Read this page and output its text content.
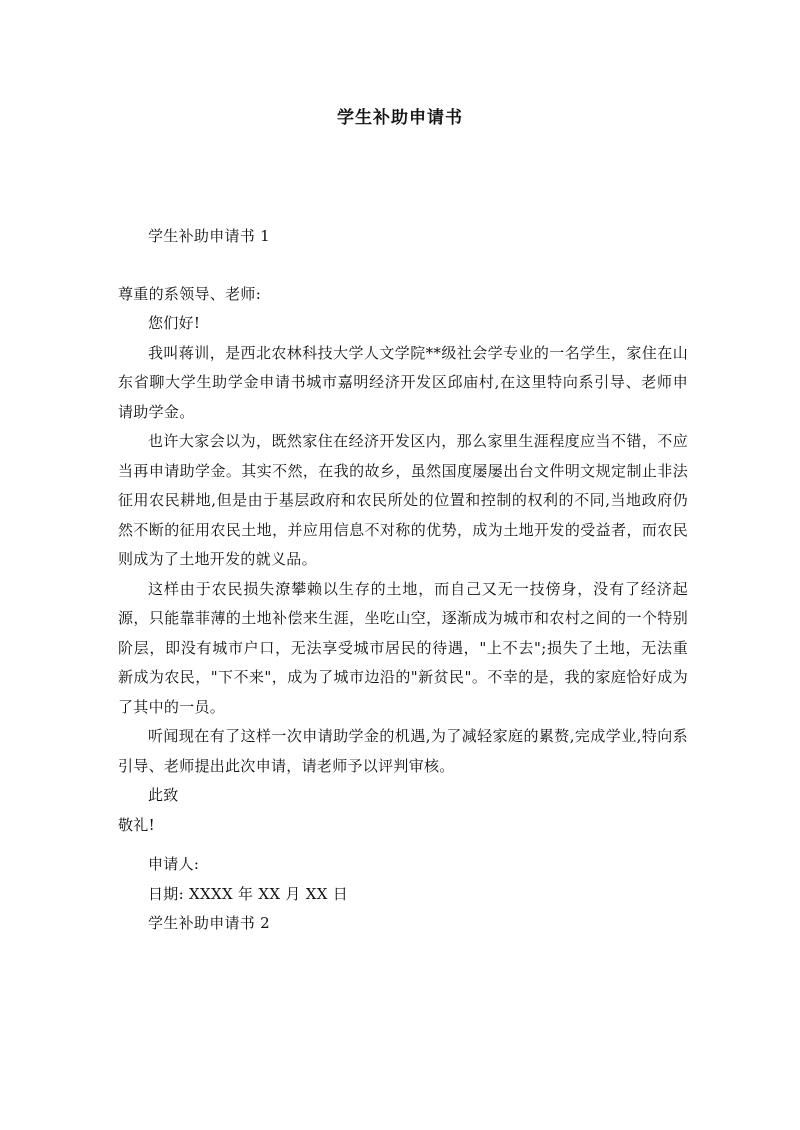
学生补助申请书

学生补助申请书 1

尊重的系领导、老师:

您们好!

我叫蒋训，是西北农林科技大学人文学院**级社会学专业的一名学生，家住在山东省聊大学生助学金申请书城市嘉明经济开发区邱庙村,在这里特向系引导、老师申请助学金。

也许大家会以为，既然家住在经济开发区内，那么家里生涯程度应当不错，不应当再申请助学金。其实不然，在我的故乡，虽然国度屡屡出台文件明文规定制止非法征用农民耕地,但是由于基层政府和农民所处的位置和控制的权利的不同,当地政府仍然不断的征用农民土地，并应用信息不对称的优势，成为土地开发的受益者，而农民则成为了土地开发的就义品。

这样由于农民损失潦攀赖以生存的土地，而自己又无一技傍身，没有了经济起源，只能靠菲薄的土地补偿来生涯，坐吃山空，逐渐成为城市和农村之间的一个特别阶层，即没有城市户口，无法享受城市居民的待遇，"上不去";损失了土地，无法重新成为农民，"下不来"，成为了城市边沿的"新贫民"。不幸的是，我的家庭恰好成为了其中的一员。

听闻现在有了这样一次申请助学金的机遇,为了减轻家庭的累赘,完成学业,特向系引导、老师提出此次申请，请老师予以评判审核。

此致

敬礼!

申请人:

日期: XXXX 年 XX 月 XX 日

学生补助申请书 2
